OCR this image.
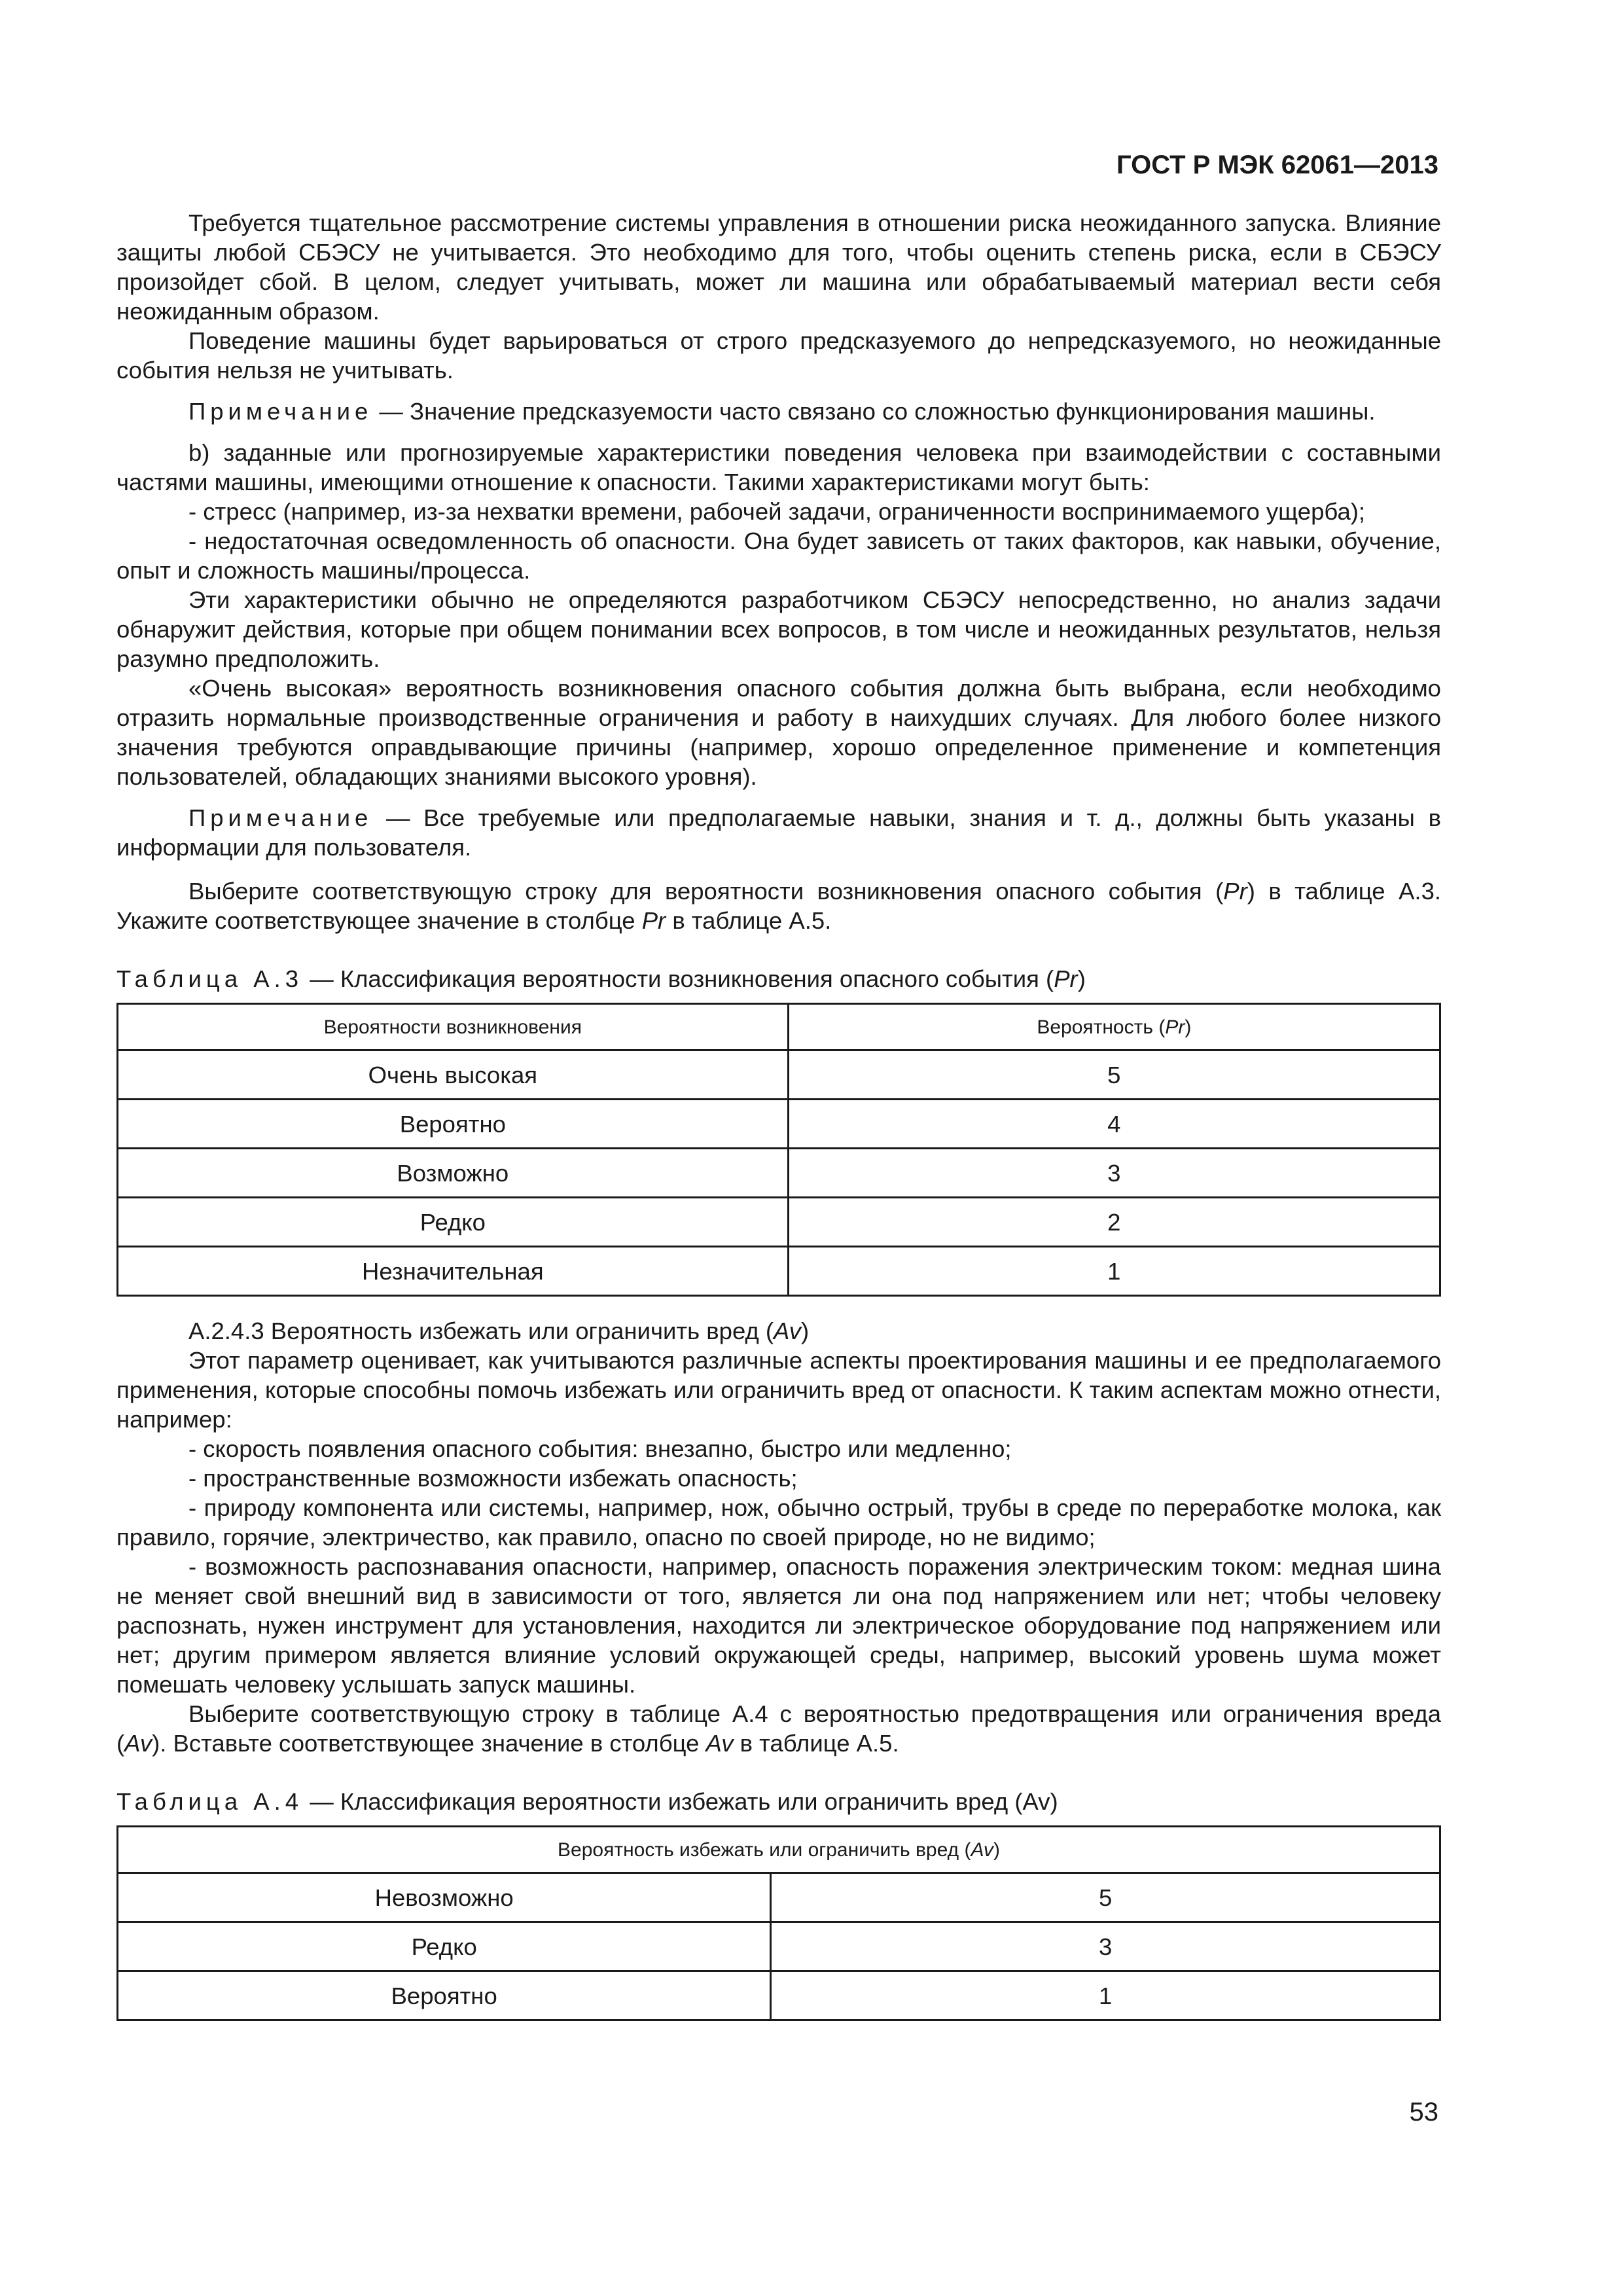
ГОСТ Р МЭК 62061—2013

Требуется тщательное рассмотрение системы управления в отношении риска неожиданного запуска. Влияние защиты любой СБЭСУ не учитывается. Это необходимо для того, чтобы оценить степень риска, если в СБЭСУ произойдет сбой. В целом, следует учитывать, может ли машина или обрабатываемый материал вести себя неожиданным образом.

Поведение машины будет варьироваться от строго предсказуемого до непредсказуемого, но неожиданные события нельзя не учитывать.

Примечание — Значение предсказуемости часто связано со сложностью функционирования машины.

b) заданные или прогнозируемые характеристики поведения человека при взаимодействии с составными частями машины, имеющими отношение к опасности. Такими характеристиками могут быть:

- стресс (например, из-за нехватки времени, рабочей задачи, ограниченности воспринимаемого ущерба);

- недостаточная осведомленность об опасности. Она будет зависеть от таких факторов, как навыки, обучение, опыт и сложность машины/процесса.

Эти характеристики обычно не определяются разработчиком СБЭСУ непосредственно, но анализ задачи обнаружит действия, которые при общем понимании всех вопросов, в том числе и неожиданных результатов, нельзя разумно предположить.

«Очень высокая» вероятность возникновения опасного события должна быть выбрана, если необходимо отразить нормальные производственные ограничения и работу в наихудших случаях. Для любого более низкого значения требуются оправдывающие причины (например, хорошо определенное применение и компетенция пользователей, обладающих знаниями высокого уровня).

Примечание — Все требуемые или предполагаемые навыки, знания и т. д., должны быть указаны в информации для пользователя.

Выберите соответствующую строку для вероятности возникновения опасного события (Pr) в таблице А.3. Укажите соответствующее значение в столбце Pr в таблице А.5.

Таблица А.3 — Классификация вероятности возникновения опасного события (Pr)
Вероятности возникновения	Вероятность (Pr)
Очень высокая	5
Вероятно	4
Возможно	3
Редко	2
Незначительная	1

А.2.4.3 Вероятность избежать или ограничить вред (Av)

Этот параметр оценивает, как учитываются различные аспекты проектирования машины и ее предполагаемого применения, которые способны помочь избежать или ограничить вред от опасности. К таким аспектам можно отнести, например:

- скорость появления опасного события: внезапно, быстро или медленно;

- пространственные возможности избежать опасность;

- природу компонента или системы, например, нож, обычно острый, трубы в среде по переработке молока, как правило, горячие, электричество, как правило, опасно по своей природе, но не видимо;

- возможность распознавания опасности, например, опасность поражения электрическим током: медная шина не меняет свой внешний вид в зависимости от того, является ли она под напряжением или нет; чтобы человеку распознать, нужен инструмент для установления, находится ли электрическое оборудование под напряжением или нет; другим примером является влияние условий окружающей среды, например, высокий уровень шума может помешать человеку услышать запуск машины.

Выберите соответствующую строку в таблице А.4 с вероятностью предотвращения или ограничения вреда (Av). Вставьте соответствующее значение в столбце Av в таблице А.5.

Таблица А.4 — Классификация вероятности избежать или ограничить вред (Av)
Вероятность избежать или ограничить вред (Av)	
Невозможно	5
Редко	3
Вероятно	1
53
